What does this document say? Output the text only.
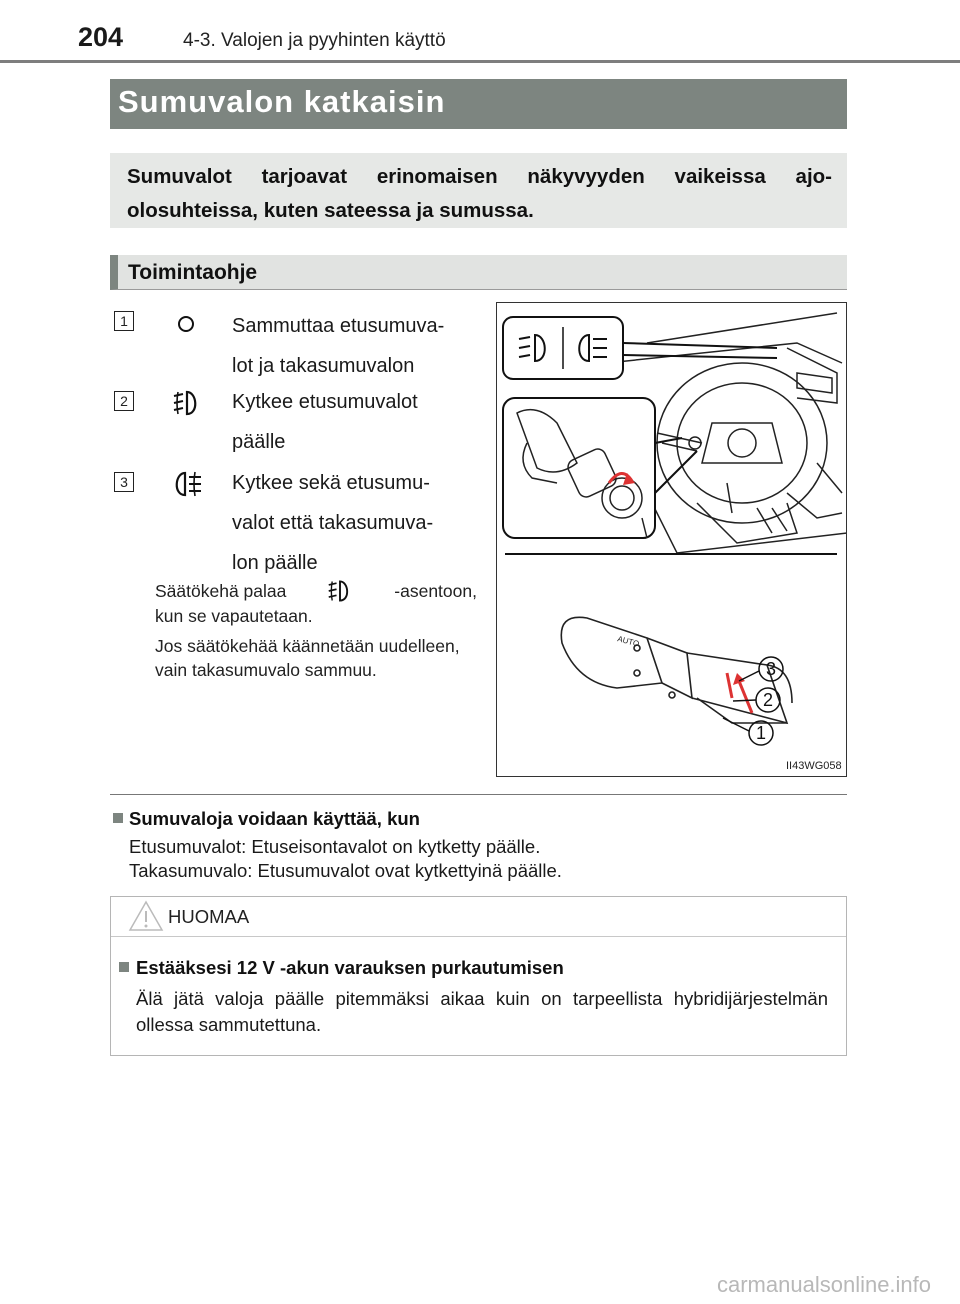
204	4-3. Valojen ja pyyhinten käyttö
Sumuvalon katkaisin
Sumuvalot tarjoavat erinomaisen näkyvyyden vaikeissa ajo-olosuhteissa, kuten sateessa ja sumussa.
Toimintaohje
1	Sammuttaa etusumuva-
lot ja takasumuvalon
2	Kytkee etusumuvalot
päälle
3	Kytkee sekä etusumu-
valot että takasumuva-
lon päälle
Säätökehä palaa	-asentoon,
kun se vapautetaan.
Jos säätökehää käännetään uudelleen, vain takasumuvalo sammuu.
AUTO
3
2
1
II43WG058
Sumuvaloja voidaan käyttää, kun
Etusumuvalot: Etuseisontavalot on kytketty päälle.
Takasumuvalo: Etusumuvalot ovat kytkettyinä päälle.
HUOMAA
Estääksesi 12 V -akun varauksen purkautumisen
Älä jätä valoja päälle pitemmäksi aikaa kuin on tarpeellista hybridijärjestelmän ollessa sammutettuna.
carmanualsonline.info
